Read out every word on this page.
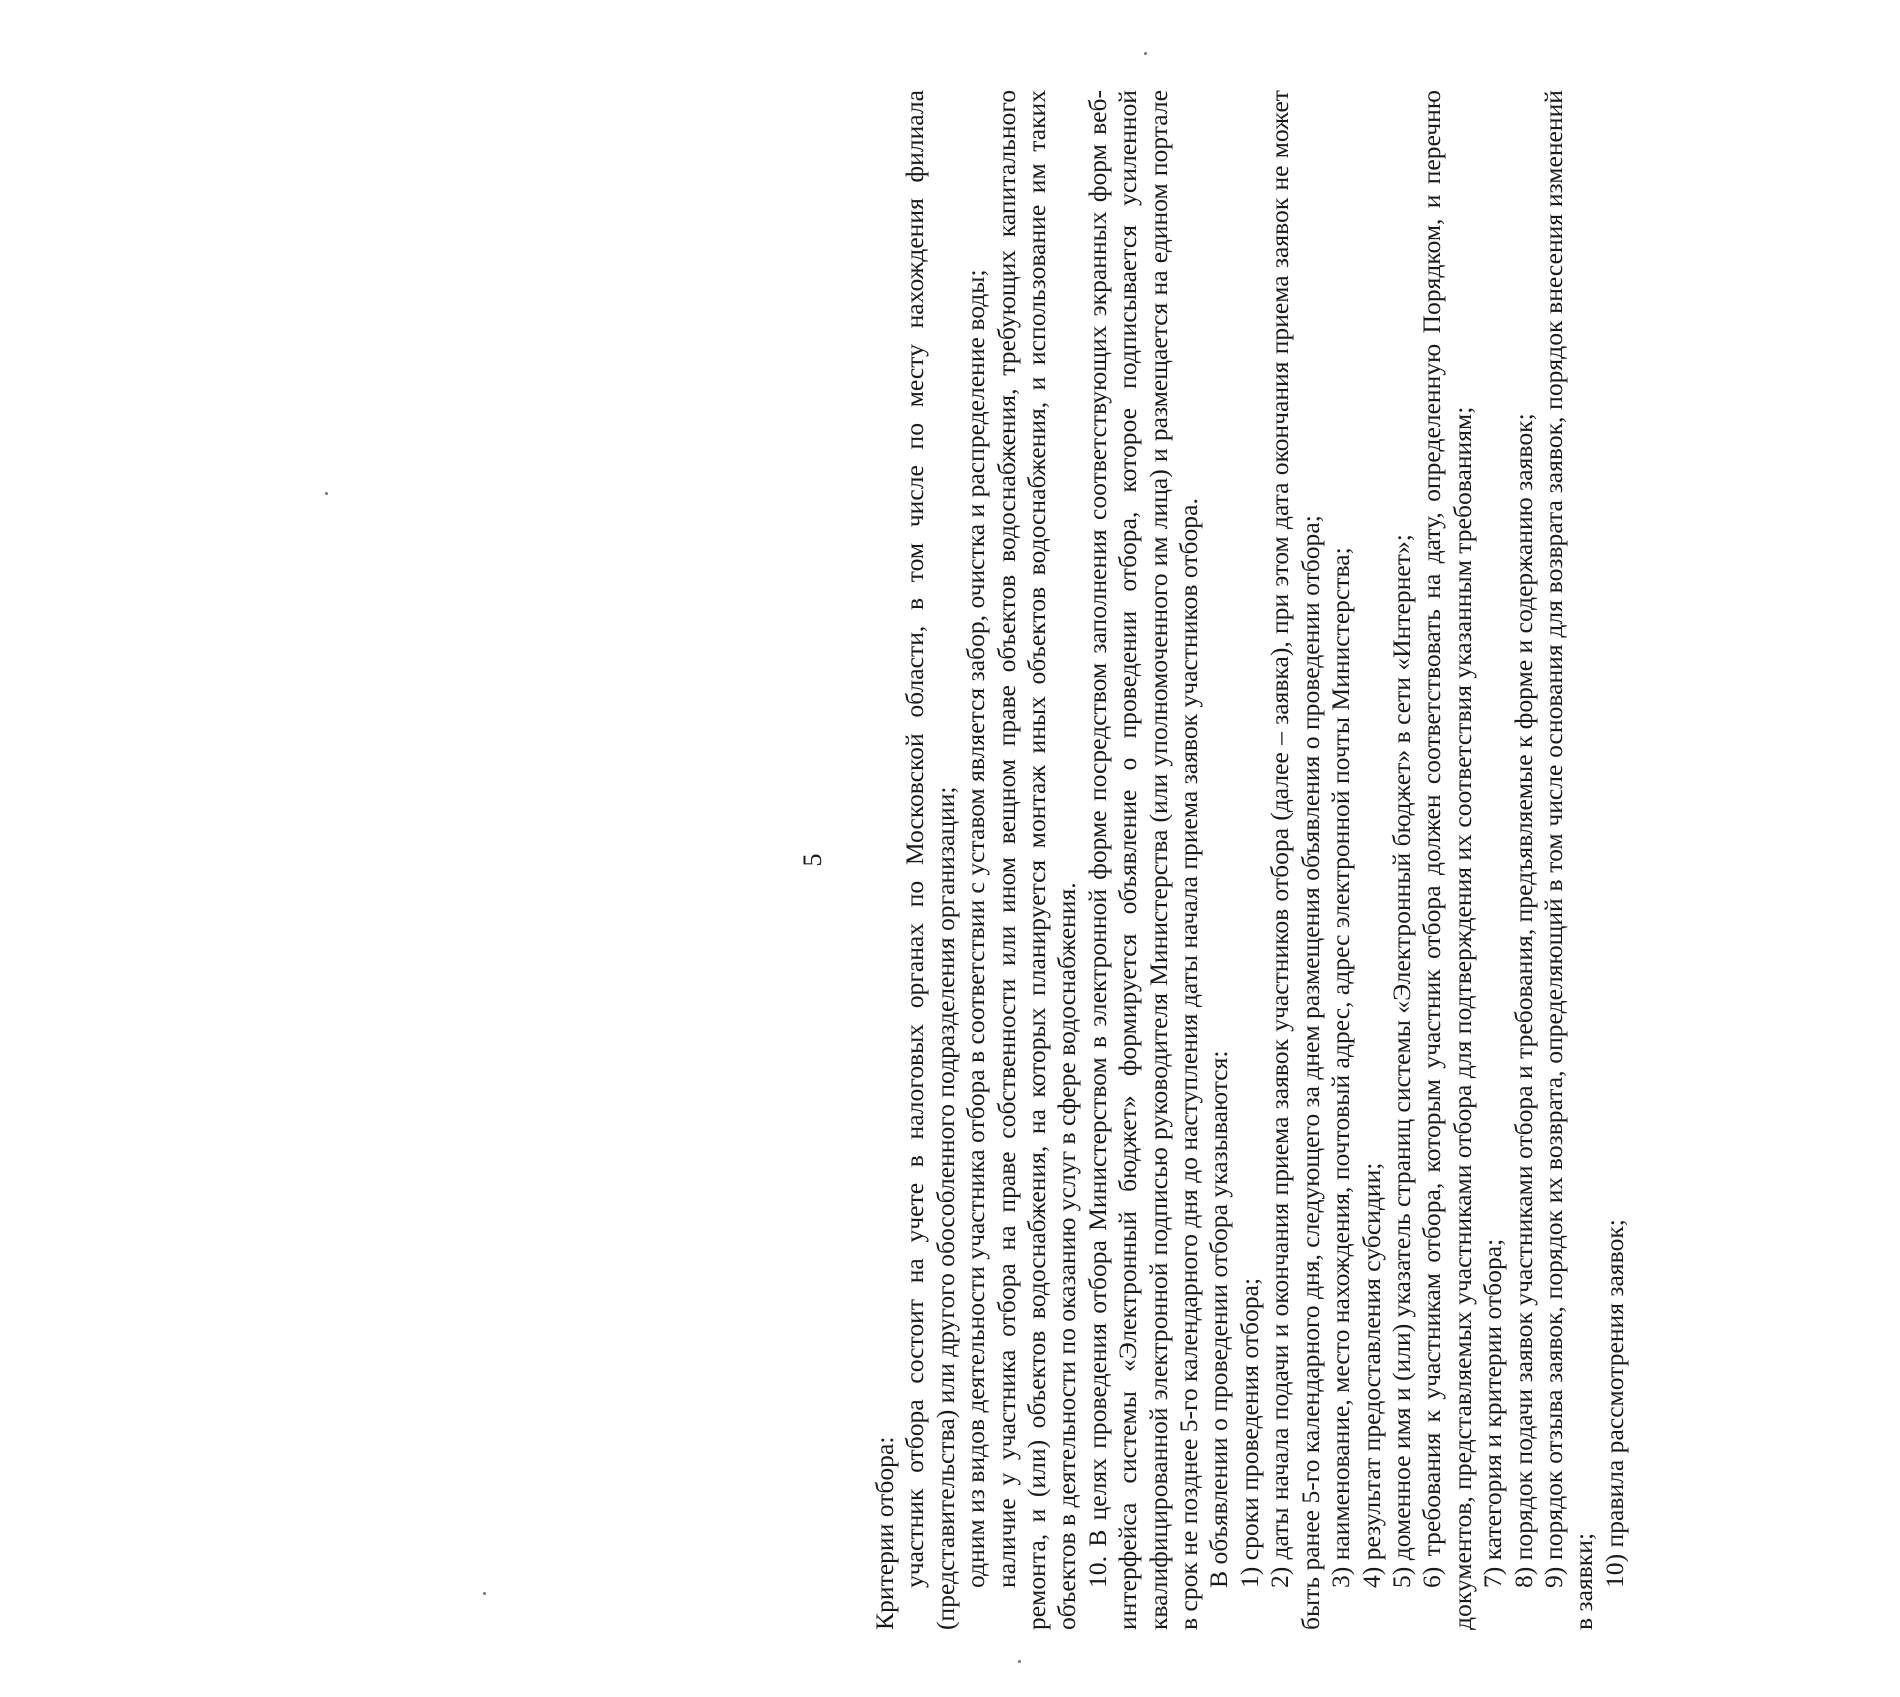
5

Критерии отбора: участник отбора состоит на учете в налоговых органах по Московской области, в том числе по месту нахождения филиала (представительства) или другого обособленного подразделения организации; одним из видов деятельности участника отбора в соответствии с уставом является забор, очистка и распределение воды; наличие у участника отбора на праве собственности или ином вещном праве объектов водоснабжения, требующих капитального ремонта, и (или) объектов водоснабжения, на которых планируется монтаж иных объектов водоснабжения, и использование им таких объектов в деятельности по оказанию услуг в сфере водоснабжения. 10. В целях проведения отбора Министерством в электронной форме посредством заполнения соответствующих экранных форм веб-интерфейса системы «Электронный бюджет» формируется объявление о проведении отбора, которое подписывается усиленной квалифицированной электронной подписью руководителя Министерства (или уполномоченного им лица) и размещается на едином портале в срок не позднее 5-го календарного дня до наступления даты начала приема заявок участников отбора. В объявлении о проведении отбора указываются: 1) сроки проведения отбора; 2) даты начала подачи и окончания приема заявок участников отбора (далее – заявка), при этом дата окончания приема заявок не может быть ранее 5-го календарного дня, следующего за днем размещения объявления о проведении отбора; 3) наименование, место нахождения, почтовый адрес, адрес электронной почты Министерства; 4) результат предоставления субсидии; 5) доменное имя и (или) указатель страниц системы «Электронный бюджет» в сети «Интернет»; 6) требования к участникам отбора, которым участник отбора должен соответствовать на дату, определенную Порядком, и перечню документов, представляемых участниками отбора для подтверждения их соответствия указанным требованиям; 7) категория и критерии отбора; 8) порядок подачи заявок участниками отбора и требования, предъявляемые к форме и содержанию заявок; 9) порядок отзыва заявок, порядок их возврата, определяющий в том числе основания для возврата заявок, порядок внесения изменений в заявки; 10) правила рассмотрения заявок;
